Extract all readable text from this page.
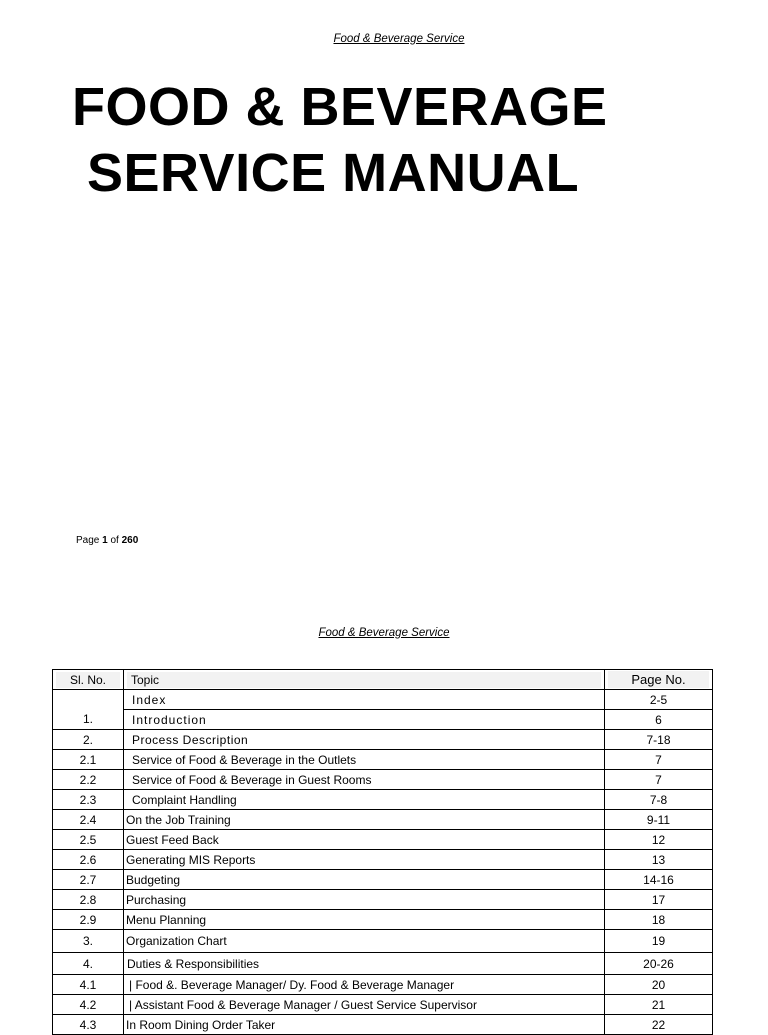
Food & Beverage Service
FOOD & BEVERAGE

SERVICE MANUAL
Page 1 of 260
Food & Beverage Service
Sl. No.	Topic	Page No.

	Index	2-5
1.	Introduction	6
2.	Process Description	7-18
2.1	Service of Food & Beverage in the Outlets	7
2.2	Service of Food & Beverage in Guest Rooms	7
2.3	Complaint Handling	7-8
2.4	On the Job Training	9-11
2.5	Guest Feed Back	12
2.6	Generating MIS Reports	13
2.7	Budgeting	14-16
2.8	Purchasing	17
2.9	Menu Planning	18
3.	Organization Chart	19
4.	Duties & Responsibilities	20-26
4.1	| Food &. Beverage Manager/ Dy. Food & Beverage Manager	20
4.2	| Assistant Food & Beverage Manager / Guest Service Supervisor	21
4.3	In Room Dining Order Taker	22
